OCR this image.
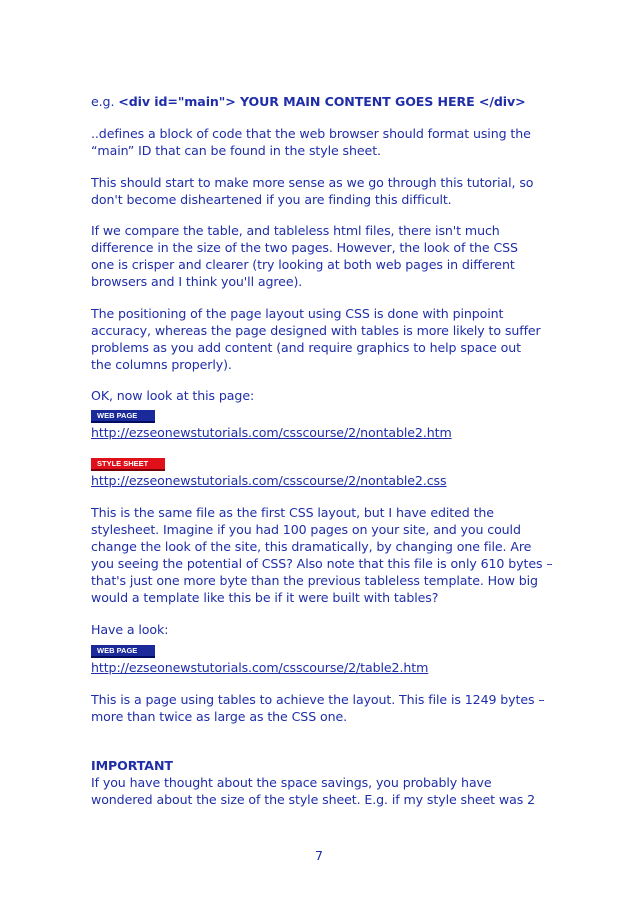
e.g. <div id="main"> YOUR MAIN CONTENT GOES HERE </div>
..defines a block of code that the web browser should format using the
“main” ID that can be found in the style sheet.
This should start to make more sense as we go through this tutorial, so
don't become disheartened if you are finding this difficult.
If we compare the table, and tableless html files, there isn't much
difference in the size of the two pages. However, the look of the CSS
one is crisper and clearer (try looking at both web pages in different
browsers and I think you'll agree).
The positioning of the page layout using CSS is done with pinpoint
accuracy, whereas the page designed with tables is more likely to suffer
problems as you add content (and require graphics to help space out
the columns properly).
OK, now look at this page:
WEB PAGE
http://ezseonewstutorials.com/csscourse/2/nontable2.htm
STYLE SHEET
http://ezseonewstutorials.com/csscourse/2/nontable2.css
This is the same file as the first CSS layout, but I have edited the
stylesheet. Imagine if you had 100 pages on your site, and you could
change the look of the site, this dramatically, by changing one file. Are
you seeing the potential of CSS? Also note that this file is only 610 bytes –
that's just one more byte than the previous tableless template. How big
would a template like this be if it were built with tables?
Have a look:
WEB PAGE
http://ezseonewstutorials.com/csscourse/2/table2.htm
This is a page using tables to achieve the layout. This file is 1249 bytes –
more than twice as large as the CSS one.
IMPORTANT
If you have thought about the space savings, you probably have
wondered about the size of the style sheet. E.g. if my style sheet was 2
7
